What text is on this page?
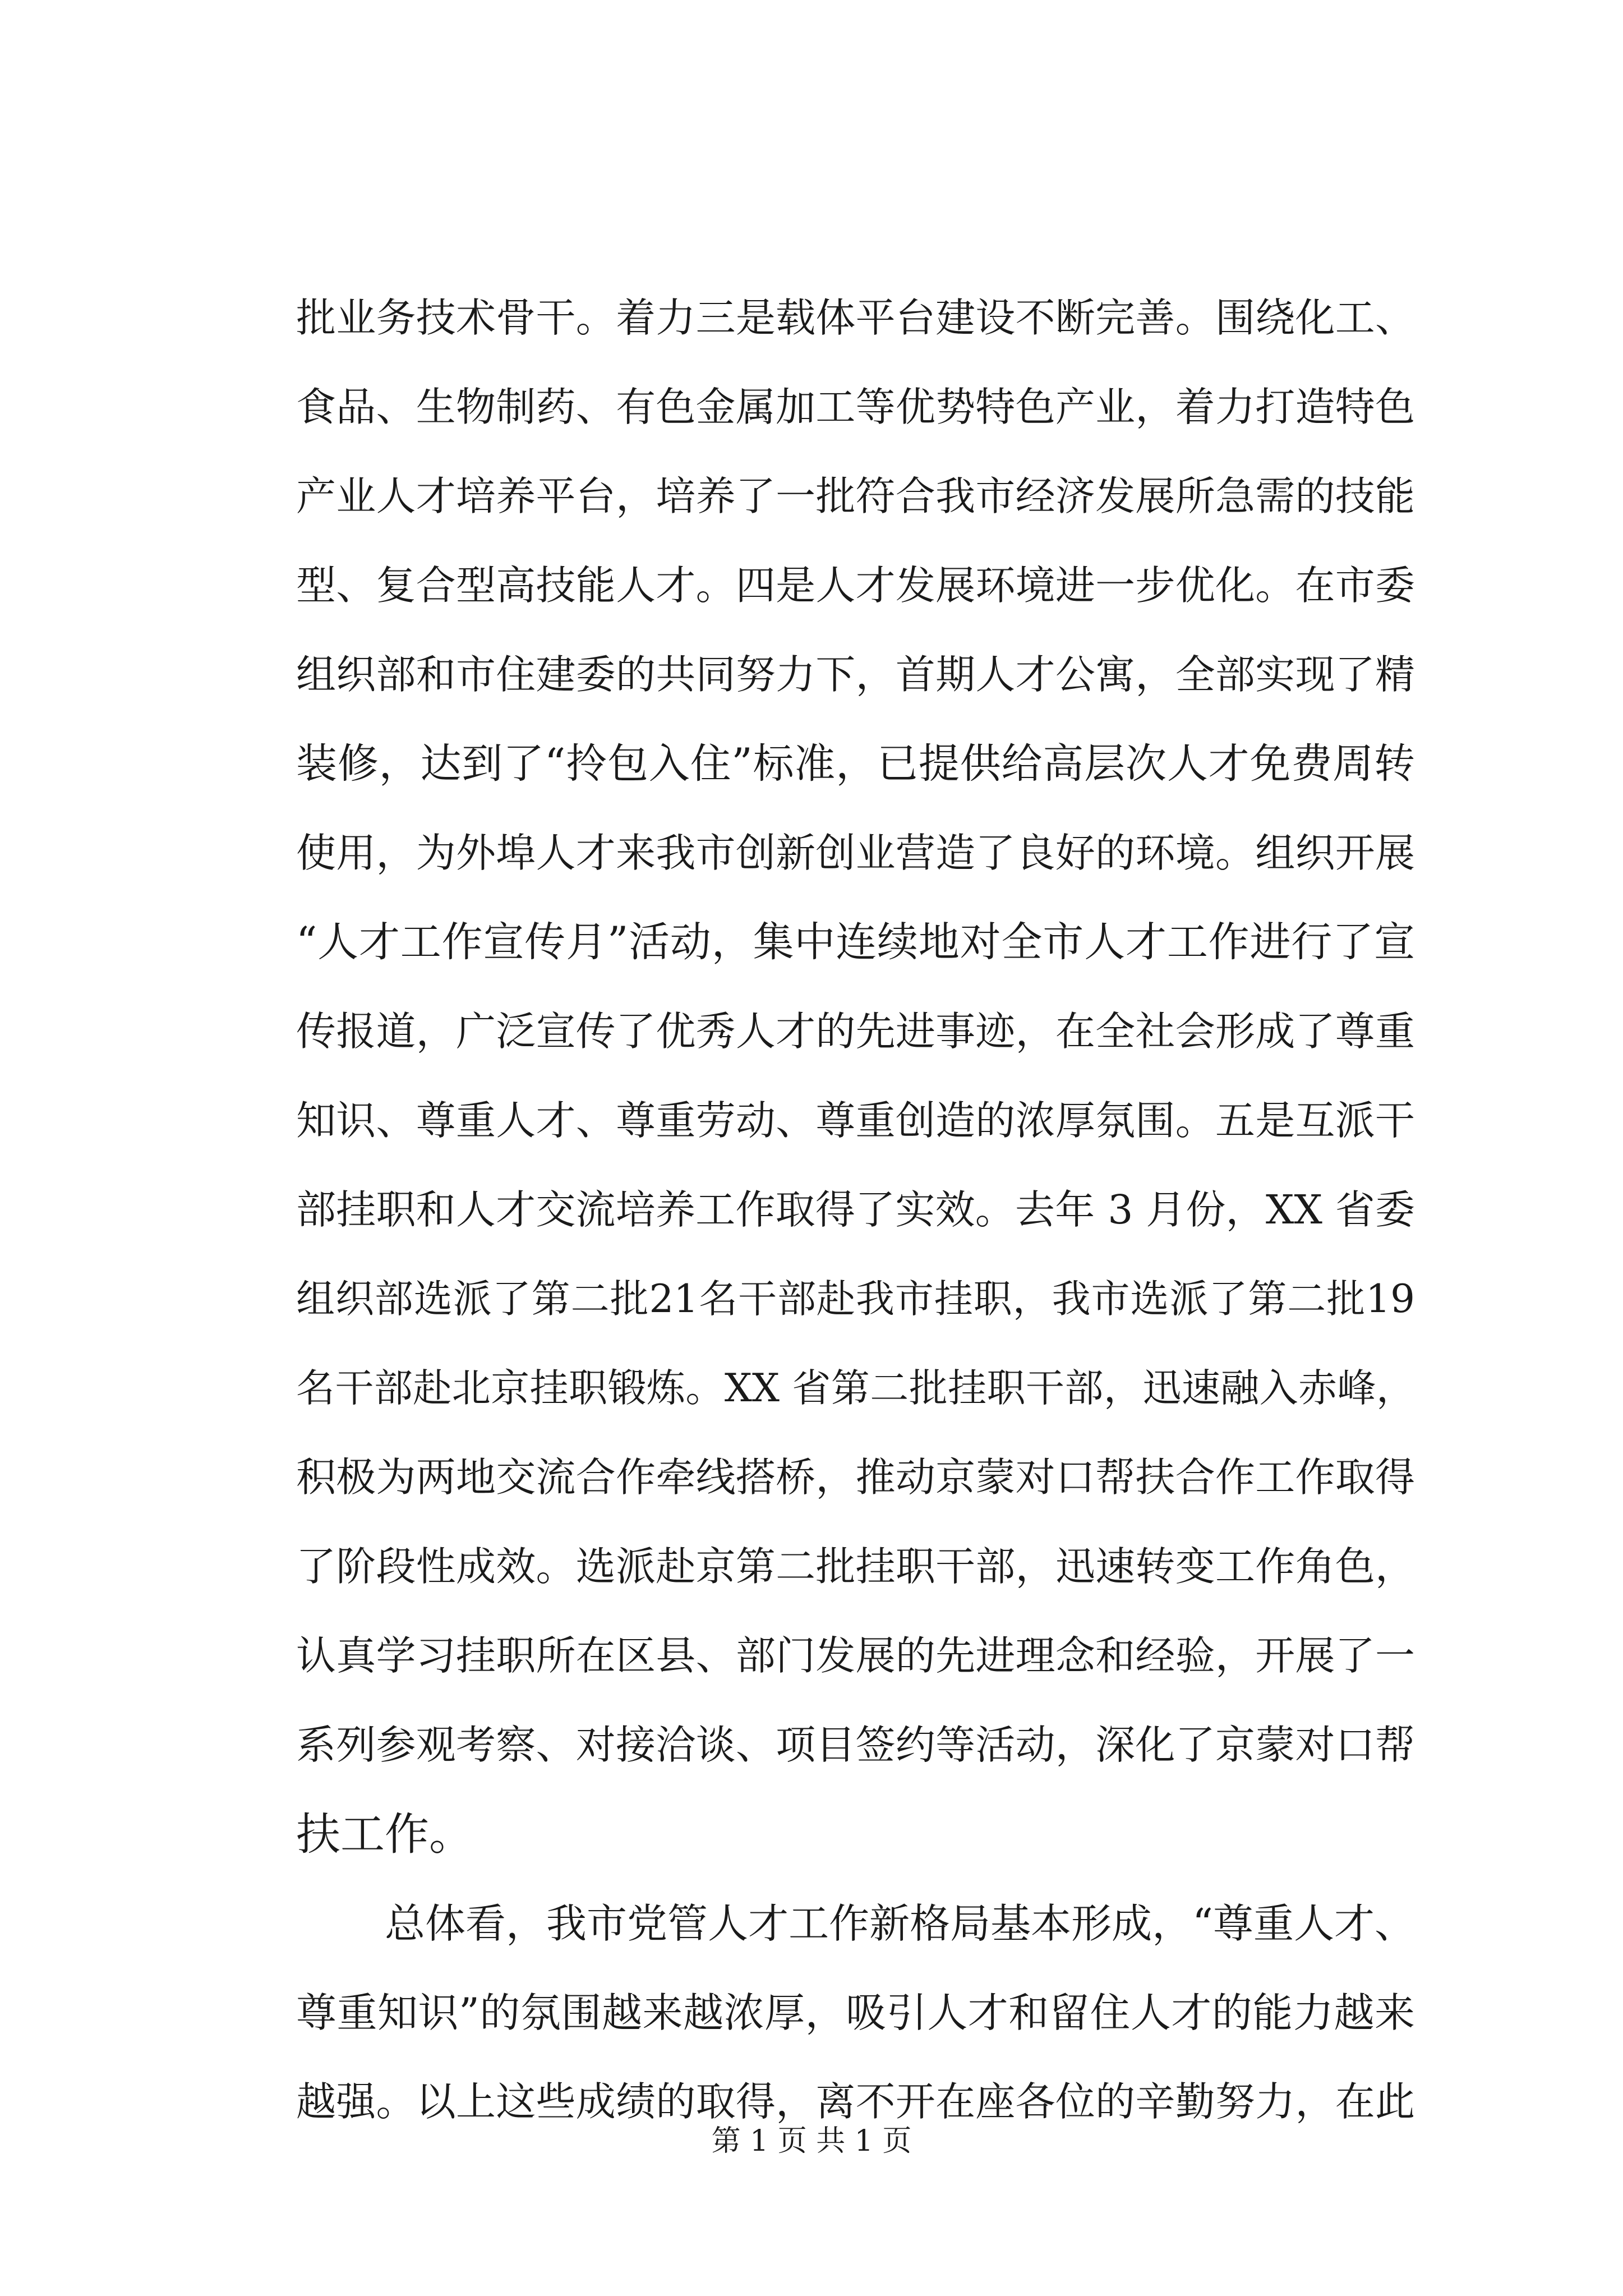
批业务技术骨干。着力三是载体平台建设不断完善。围绕化工、
食品、生物制药、有色金属加工等优势特色产业，着力打造特色
产业人才培养平台，培养了一批符合我市经济发展所急需的技能
型、复合型高技能人才。四是人才发展环境进一步优化。在市委
组织部和市住建委的共同努力下，首期人才公寓，全部实现了精
装修，达到了“拎包入住”标准，已提供给高层次人才免费周转
使用，为外埠人才来我市创新创业营造了良好的环境。组织开展
“人才工作宣传月”活动，集中连续地对全市人才工作进行了宣
传报道，广泛宣传了优秀人才的先进事迹，在全社会形成了尊重
知识、尊重人才、尊重劳动、尊重创造的浓厚氛围。五是互派干
部挂职和人才交流培养工作取得了实效。去年 3 月份，XX 省委
组织部选派了第二批21名干部赴我市挂职，我市选派了第二批19
名干部赴北京挂职锻炼。XX 省第二批挂职干部，迅速融入赤峰，
积极为两地交流合作牵线搭桥，推动京蒙对口帮扶合作工作取得
了阶段性成效。选派赴京第二批挂职干部，迅速转变工作角色，
认真学习挂职所在区县、部门发展的先进理念和经验，开展了一
系列参观考察、对接洽谈、项目签约等活动，深化了京蒙对口帮
扶工作。
总体看，我市党管人才工作新格局基本形成，“尊重人才、
尊重知识”的氛围越来越浓厚，吸引人才和留住人才的能力越来
越强。以上这些成绩的取得，离不开在座各位的辛勤努力，在此
第 1 页 共 1 页
